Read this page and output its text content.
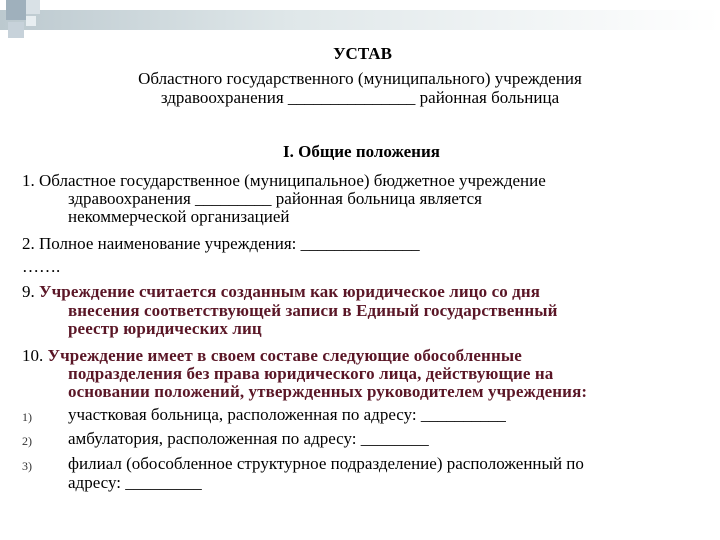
УСТАВ
Областного государственного (муниципального) учреждения
здравоохранения _______________ районная больница
I. Общие положения
1. Областное государственное (муниципальное) бюджетное учреждение
здравоохранения _________ районная больница является
некоммерческой организацией
2. Полное наименование учреждения: ______________
…….
9. Учреждение считается созданным как юридическое лицо со дня
внесения соответствующей записи в Единый государственный
реестр юридических лиц
10. Учреждение имеет в своем составе следующие обособленные
подразделения без права юридического лица, действующие на
основании положений, утвержденных руководителем учреждения:
1) участковая больница, расположенная по адресу: __________
2) амбулатория, расположенная по адресу: ________
3) филиал (обособленное структурное подразделение) расположенный по
адресу: _________
